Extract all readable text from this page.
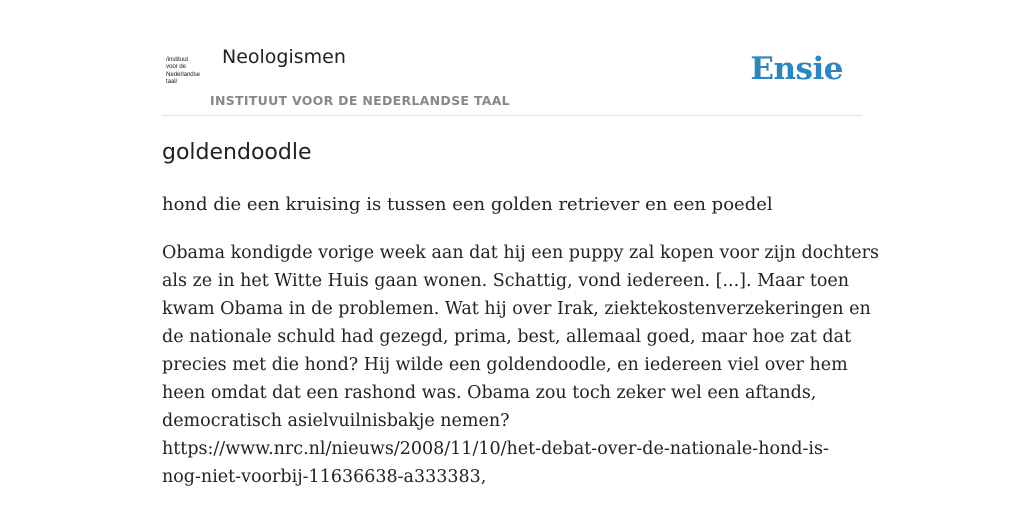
/instituut
voor de
Nederlandse
taal/
Neologismen
INSTITUUT VOOR DE NEDERLANDSE TAAL
Ensie
goldendoodle
hond die een kruising is tussen een golden retriever en een poedel
Obama kondigde vorige week aan dat hij een puppy zal kopen voor zijn dochters
als ze in het Witte Huis gaan wonen. Schattig, vond iedereen. [...]. Maar toen
kwam Obama in de problemen. Wat hij over Irak, ziektekostenverzekeringen en
de nationale schuld had gezegd, prima, best, allemaal goed, maar hoe zat dat
precies met die hond? Hij wilde een goldendoodle, en iedereen viel over hem
heen omdat dat een rashond was. Obama zou toch zeker wel een aftands,
democratisch asielvuilnisbakje nemen?
https://www.nrc.nl/nieuws/2008/11/10/het-debat-over-de-nationale-hond-is-
nog-niet-voorbij-11636638-a333383,
